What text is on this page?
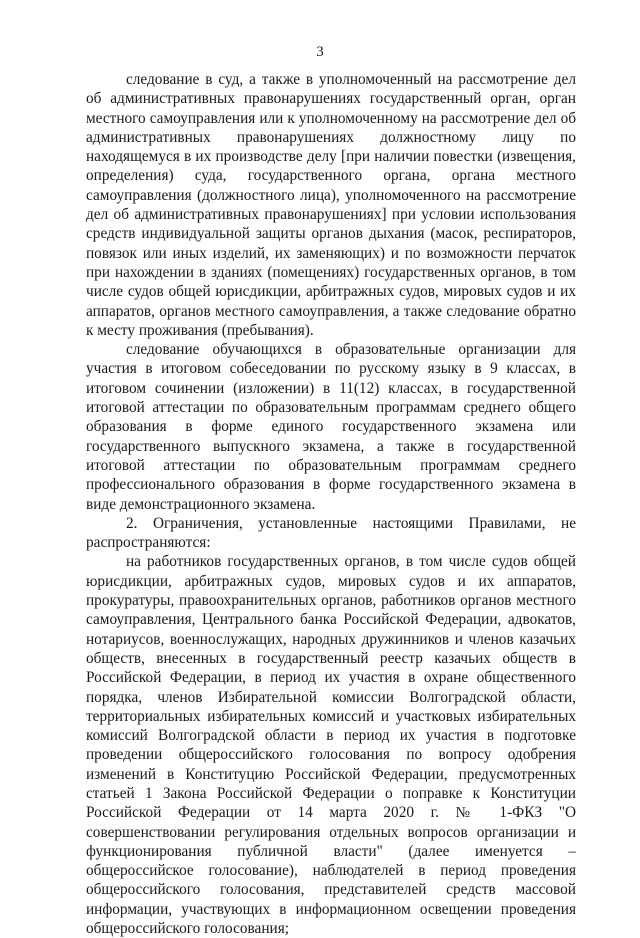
3

следование в суд, а также в уполномоченный на рассмотрение дел об административных правонарушениях государственный орган, орган местного самоуправления или к уполномоченному на рассмотрение дел об административных правонарушениях должностному лицу по находящемуся в их производстве делу [при наличии повестки (извещения, определения) суда, государственного органа, органа местного самоуправления (должностного лица), уполномоченного на рассмотрение дел об административных правонарушениях] при условии использования средств индивидуальной защиты органов дыхания (масок, респираторов, повязок или иных изделий, их заменяющих) и по возможности перчаток при нахождении в зданиях (помещениях) государственных органов, в том числе судов общей юрисдикции, арбитражных судов, мировых судов и их аппаратов, органов местного самоуправления, а также следование обратно к месту проживания (пребывания).

следование обучающихся в образовательные организации для участия в итоговом собеседовании по русскому языку в 9 классах, в итоговом сочинении (изложении) в 11(12) классах, в государственной итоговой аттестации по образовательным программам среднего общего образования в форме единого государственного экзамена или государственного выпускного экзамена, а также в государственной итоговой аттестации по образовательным программам среднего профессионального образования в форме государственного экзамена в виде демонстрационного экзамена.

2. Ограничения, установленные настоящими Правилами, не распространяются:

на работников государственных органов, в том числе судов общей юрисдикции, арбитражных судов, мировых судов и их аппаратов, прокуратуры, правоохранительных органов, работников органов местного самоуправления, Центрального банка Российской Федерации, адвокатов, нотариусов, военнослужащих, народных дружинников и членов казачьих обществ, внесенных в государственный реестр казачьих обществ в Российской Федерации, в период их участия в охране общественного порядка, членов Избирательной комиссии Волгоградской области, территориальных избирательных комиссий и участковых избирательных комиссий Волгоградской области в период их участия в подготовке проведении общероссийского голосования по вопросу одобрения изменений в Конституцию Российской Федерации, предусмотренных статьей 1 Закона Российской Федерации о поправке к Конституции Российской Федерации от 14 марта 2020 г. № 1-ФКЗ "О совершенствовании регулирования отдельных вопросов организации и функционирования публичной власти" (далее именуется – общероссийское голосование), наблюдателей в период проведения общероссийского голосования, представителей средств массовой информации, участвующих в информационном освещении проведения общероссийского голосования;
